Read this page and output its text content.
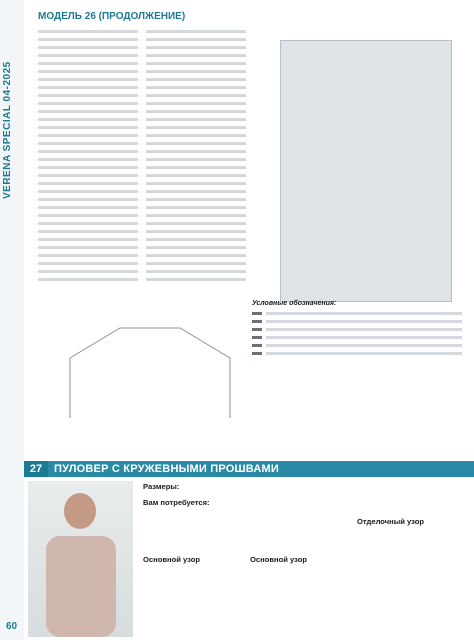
VERENA SPECIAL 04-2025
60
МОДЕЛЬ 26 (ПРОДОЛЖЕНИЕ)
Условные обозначения:
27	ПУЛОВЕР С КРУЖЕВНЫМИ ПРОШВАМИ
Размеры:
Вам потребуется:
Основной узор	Основной узор
Отделочный узор
